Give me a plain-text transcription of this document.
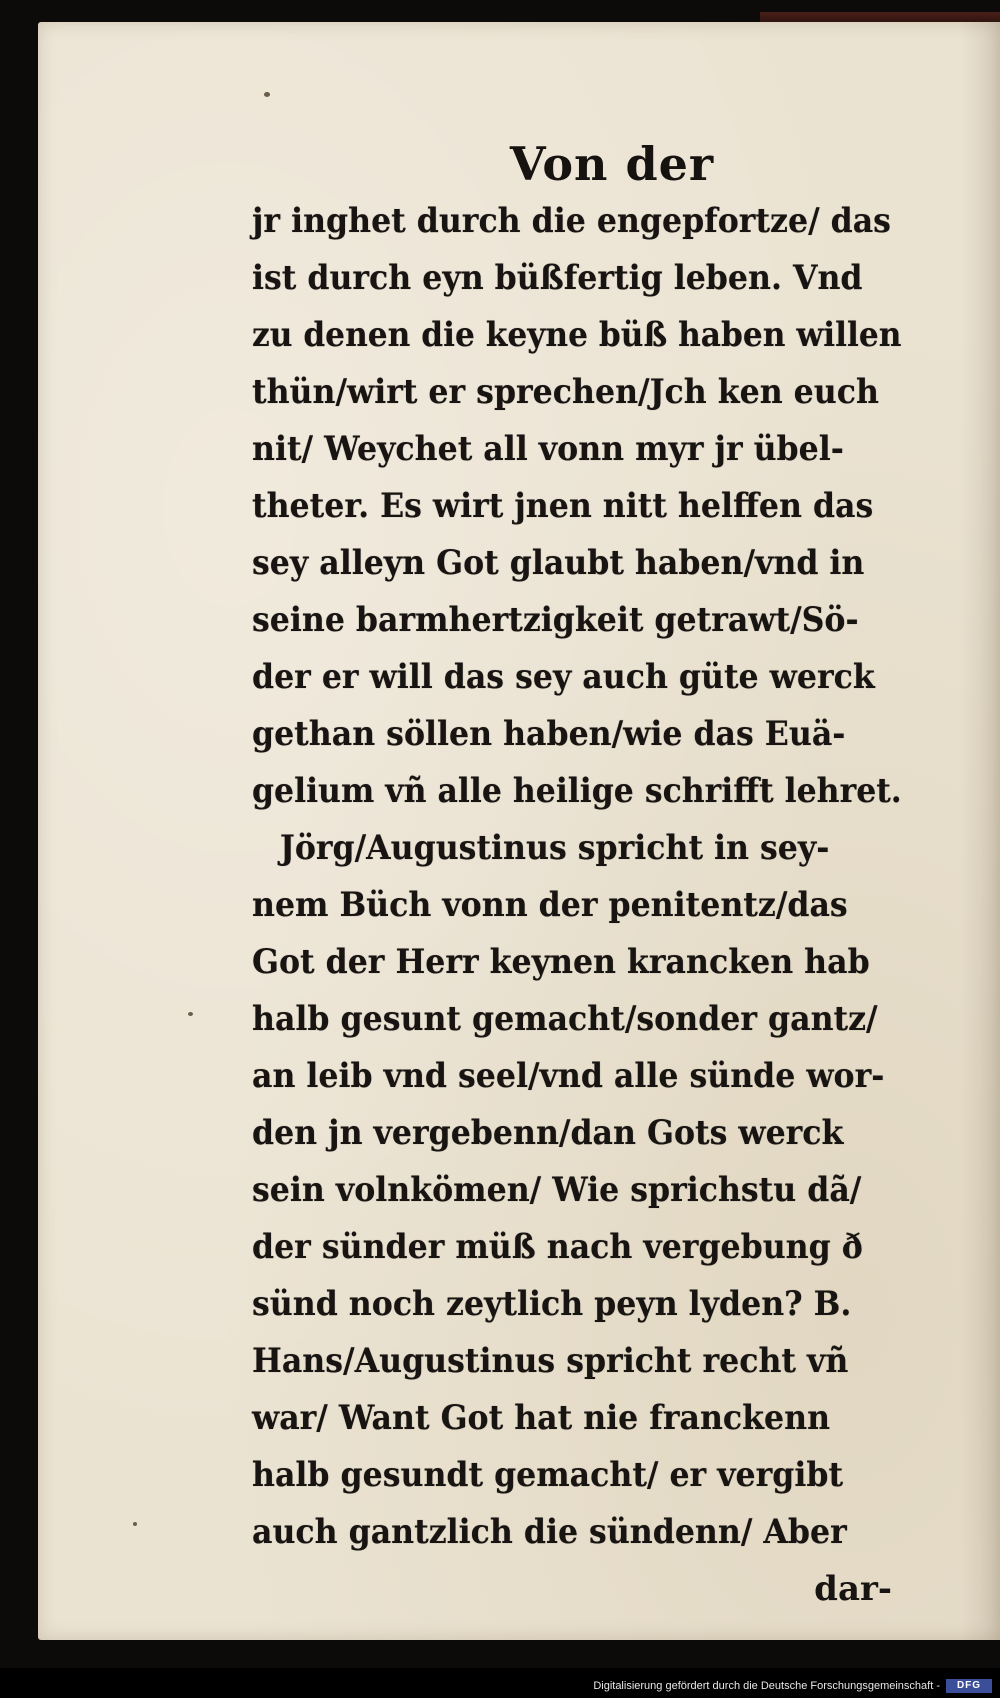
Von der
jr inghet durch die engepfortze/ das
ist durch eyn büßfertig leben. Vnd
zu denen die keyne büß haben willen
thün/wirt er sprechen/Jch ken euch
nit/ Weychet all vonn myr jr übel-
theter. Es wirt jnen nitt helffen das
sey alleyn Got glaubt haben/vnd in
seine barmhertzigkeit getrawt/Sö-
der er will das sey auch güte werck
gethan söllen haben/wie das Euä-
gelium vñ alle heilige schrifft lehret.
Jörg/Augustinus spricht in sey-
nem Büch vonn der penitentz/das
Got der Herr keynen krancken hab
halb gesunt gemacht/sonder gantz/
an leib vnd seel/vnd alle sünde wor-
den jn vergebenn/dan Gots werck
sein volnkömen/ Wie sprichstu dã/
der sünder müß nach vergebung ð
sünd noch zeytlich peyn lyden? B.
Hans/Augustinus spricht recht vñ
war/ Want Got hat nie franckenn
halb gesundt gemacht/ er vergibt
auch gantzlich die sündenn/ Aber
dar-
Digitalisierung gefördert durch die Deutsche Forschungsgemeinschaft -	DFG
